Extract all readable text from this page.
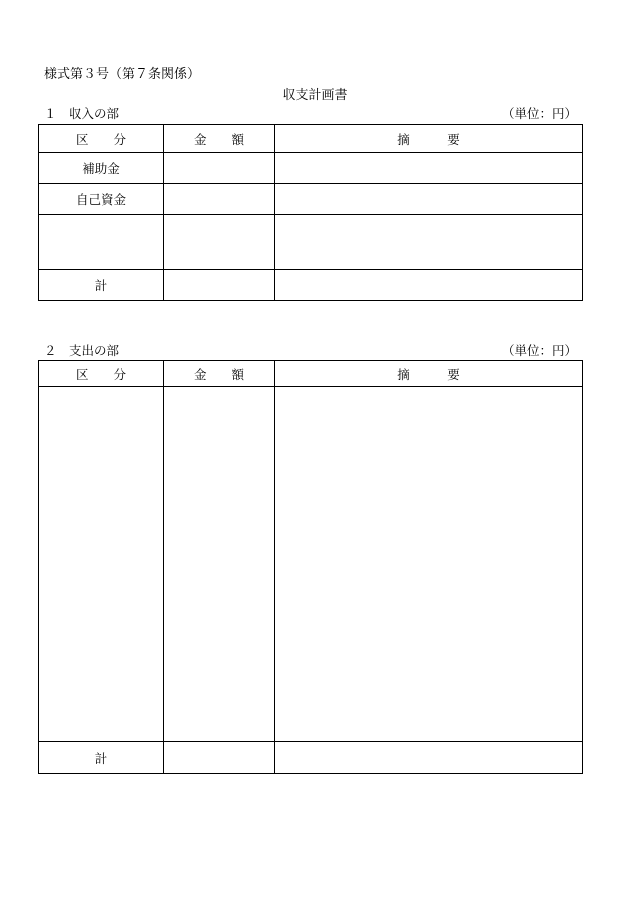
様式第３号（第７条関係）
収支計画書
１　収入の部	（単位：円）
区 分	金 額	摘 要
補助金		
自己資金		

計		
２　支出の部	（単位：円）
区 分	金 額	摘 要

計		
